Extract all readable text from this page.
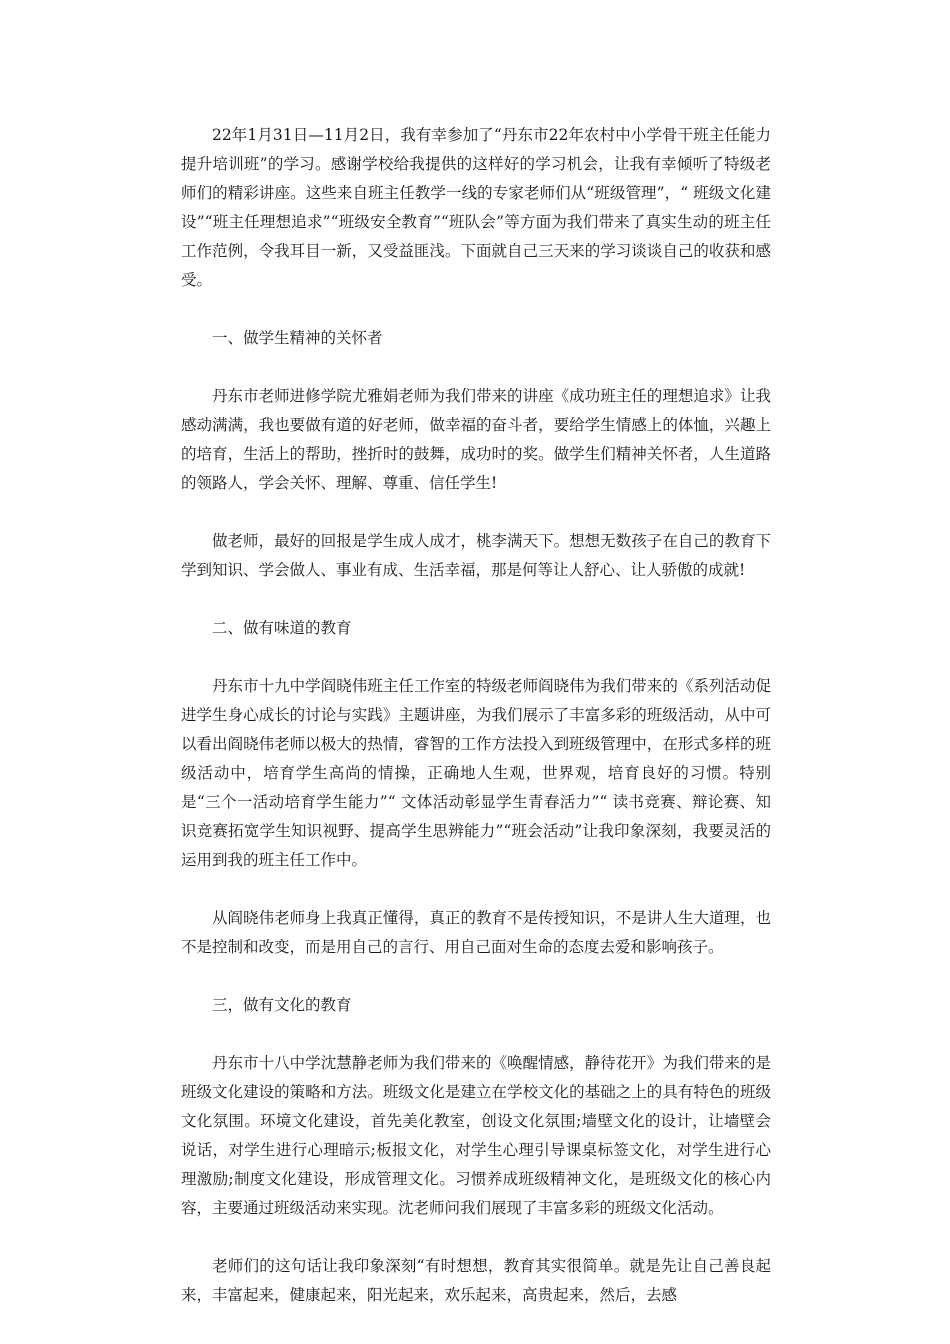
22年1月31日—11月2日，我有幸参加了“丹东市22年农村中小学骨干班主任能力提升培训班”的学习。感谢学校给我提供的这样好的学习机会，让我有幸倾听了特级老师们的精彩讲座。这些来自班主任教学一线的专家老师们从“班级管理”，“ 班级文化建设”“班主任理想追求”“班级安全教育”“班队会”等方面为我们带来了真实生动的班主任工作范例，令我耳目一新，又受益匪浅。下面就自己三天来的学习谈谈自己的收获和感受。

一、做学生精神的关怀者

丹东市老师进修学院尤雅娟老师为我们带来的讲座《成功班主任的理想追求》让我感动满满，我也要做有道的好老师，做幸福的奋斗者，要给学生情感上的体恤，兴趣上的培育，生活上的帮助，挫折时的鼓舞，成功时的奖。做学生们精神关怀者，人生道路的领路人，学会关怀、理解、尊重、信任学生!

做老师，最好的回报是学生成人成才，桃李满天下。想想无数孩子在自己的教育下学到知识、学会做人、事业有成、生活幸福，那是何等让人舒心、让人骄傲的成就!

二、做有味道的教育

丹东市十九中学阎晓伟班主任工作室的特级老师阎晓伟为我们带来的《系列活动促进学生身心成长的讨论与实践》主题讲座，为我们展示了丰富多彩的班级活动，从中可以看出阎晓伟老师以极大的热情，睿智的工作方法投入到班级管理中，在形式多样的班级活动中，培育学生高尚的情操，正确地人生观，世界观，培育良好的习惯。特别是“三个一活动培育学生能力”“ 文体活动彰显学生青春活力”“ 读书竞赛、辩论赛、知识竞赛拓宽学生知识视野、提高学生思辨能力”“班会活动”让我印象深刻，我要灵活的运用到我的班主任工作中。

从阎晓伟老师身上我真正懂得，真正的教育不是传授知识，不是讲人生大道理，也不是控制和改变，而是用自己的言行、用自己面对生命的态度去爱和影响孩子。

三，做有文化的教育

丹东市十八中学沈慧静老师为我们带来的《唤醒情感，静待花开》为我们带来的是班级文化建设的策略和方法。班级文化是建立在学校文化的基础之上的具有特色的班级文化氛围。环境文化建设，首先美化教室，创设文化氛围;墙壁文化的设计，让墙壁会说话，对学生进行心理暗示;板报文化，对学生心理引导课桌标签文化，对学生进行心理激励;制度文化建设，形成管理文化。习惯养成班级精神文化，是班级文化的核心内容，主要通过班级活动来实现。沈老师问我们展现了丰富多彩的班级文化活动。

老师们的这句话让我印象深刻“有时想想，教育其实很简单。就是先让自己善良起来，丰富起来，健康起来，阳光起来，欢乐起来，高贵起来，然后，去感
